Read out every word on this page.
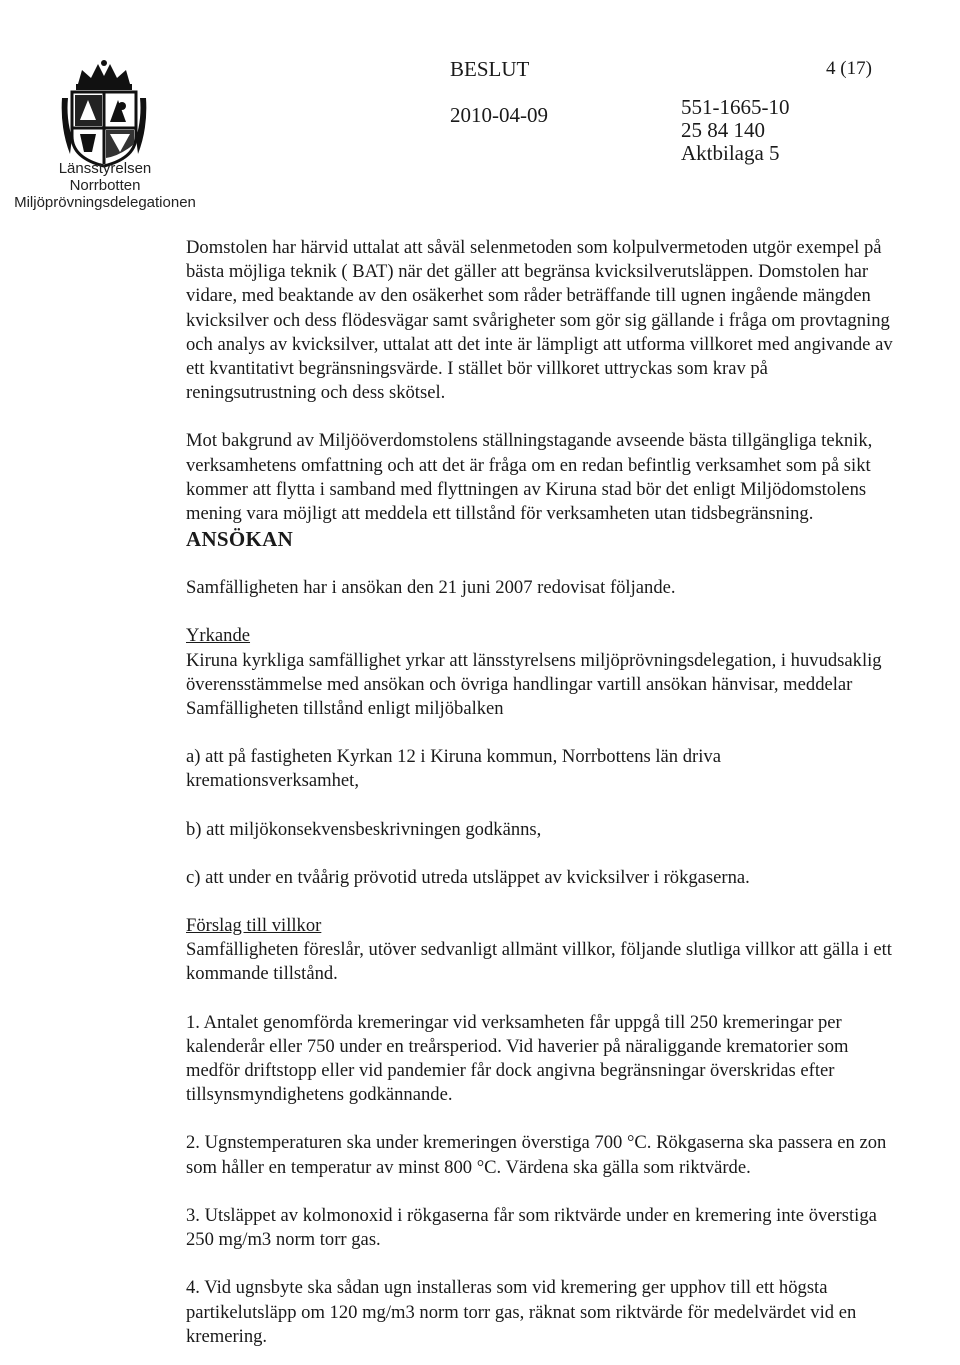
Länsstyrelsen
Norrbotten
Miljöprövningsdelegationen
BESLUT	4 (17)
2010-04-09	551-1665-10
25 84 140
Aktbilaga 5

Domstolen har härvid uttalat att såväl selenmetoden som kolpulvermetoden utgör exempel på bästa möjliga teknik ( BAT) när det gäller att begränsa kvicksilverutsläppen. Domstolen har vidare, med beaktande av den osäkerhet som råder beträffande till ugnen ingående mängden kvicksilver och dess flödesvägar samt svårigheter som gör sig gällande i fråga om provtagning och analys av kvicksilver, uttalat att det inte är lämpligt att utforma villkoret med angivande av ett kvantitativt begränsningsvärde. I stället bör villkoret uttryckas som krav på reningsutrustning och dess skötsel.

Mot bakgrund av Miljööverdomstolens ställningstagande avseende bästa tillgängliga teknik, verksamhetens omfattning och att det är fråga om en redan befintlig verksamhet som på sikt kommer att flytta i samband med flyttningen av Kiruna stad bör det enligt Miljödomstolens mening vara möjligt att meddela ett tillstånd för verksamheten utan tidsbegränsning.

ANSÖKAN

Samfälligheten har i ansökan den 21 juni 2007 redovisat följande.

Yrkande

Kiruna kyrkliga samfällighet yrkar att länsstyrelsens miljöprövningsdelegation, i huvudsaklig överensstämmelse med ansökan och övriga handlingar vartill ansökan hänvisar, meddelar Samfälligheten tillstånd enligt miljöbalken

a) att på fastigheten Kyrkan 12 i Kiruna kommun, Norrbottens län driva kremationsverksamhet,

b) att miljökonsekvensbeskrivningen godkänns,

c) att under en tvåårig prövotid utreda utsläppet av kvicksilver i rökgaserna.

Förslag till villkor

Samfälligheten föreslår, utöver sedvanligt allmänt villkor, följande slutliga villkor att gälla i ett kommande tillstånd.

1. Antalet genomförda kremeringar vid verksamheten får uppgå till 250 kremeringar per kalenderår eller 750 under en treårsperiod. Vid haverier på näraliggande krematorier som medför driftstopp eller vid pandemier får dock angivna begränsningar överskridas efter tillsynsmyndighetens godkännande.

2. Ugnstemperaturen ska under kremeringen överstiga 700 °C. Rökgaserna ska passera en zon som håller en temperatur av minst 800 °C. Värdena ska gälla som riktvärde.

3. Utsläppet av kolmonoxid i rökgaserna får som riktvärde under en kremering inte överstiga 250 mg/m3 norm torr gas.

4. Vid ugnsbyte ska sådan ugn installeras som vid kremering ger upphov till ett högsta partikelutsläpp om 120 mg/m3 norm torr gas, räknat som riktvärde för medelvärdet vid en kremering.
